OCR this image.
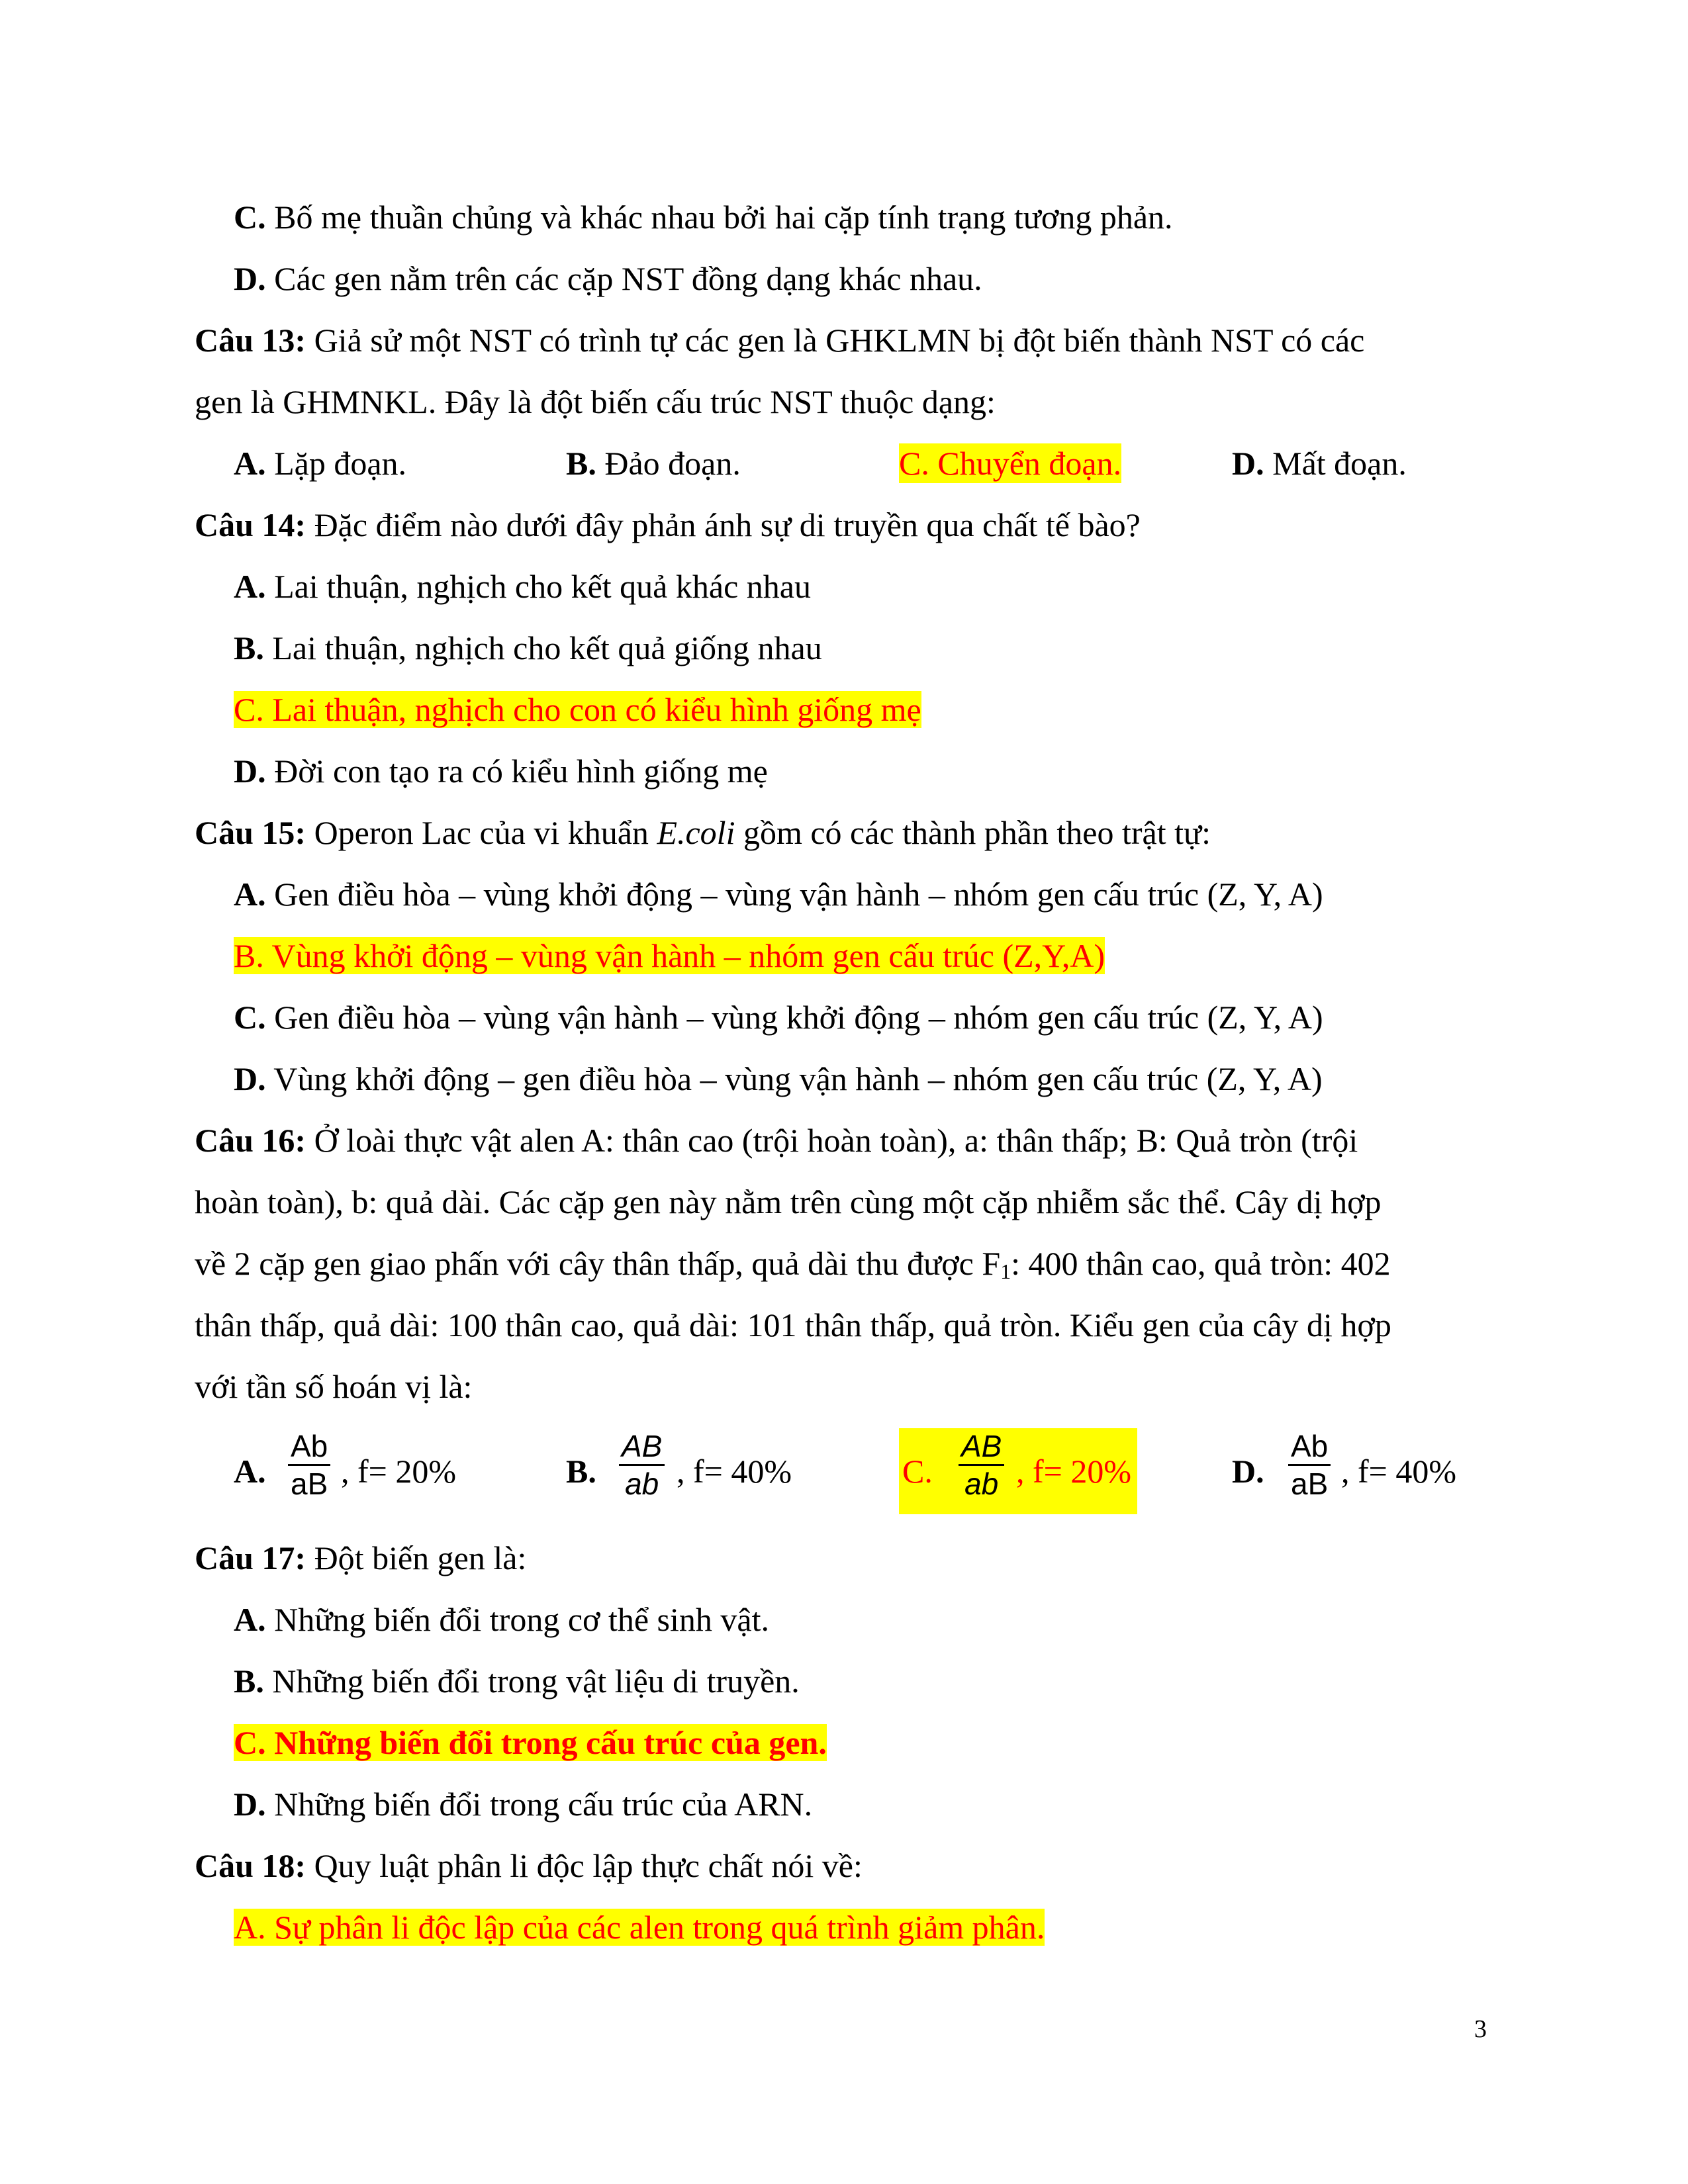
C. Bố mẹ thuần chủng và khác nhau bởi hai cặp tính trạng tương phản.
D. Các gen nằm trên các cặp NST đồng dạng khác nhau.
Câu 13: Giả sử một NST có trình tự các gen là GHKLMN bị đột biến thành NST có các
gen là GHMNKL. Đây là đột biến cấu trúc NST thuộc dạng:
A. Lặp đoạn.	B. Đảo đoạn.	C. Chuyển đoạn.	D. Mất đoạn.
Câu 14: Đặc điểm nào dưới đây phản ánh sự di truyền qua chất tế bào?
A. Lai thuận, nghịch cho kết quả khác nhau
B. Lai thuận, nghịch cho kết quả giống nhau
C. Lai thuận, nghịch cho con có kiểu hình giống mẹ
D. Đời con tạo ra có kiểu hình giống mẹ
Câu 15: Operon Lac của vi khuẩn E.coli gồm có các thành phần theo trật tự:
A. Gen điều hòa – vùng khởi động – vùng vận hành – nhóm gen cấu trúc (Z, Y, A)
B. Vùng khởi động – vùng vận hành – nhóm gen cấu trúc (Z,Y,A)
C. Gen điều hòa – vùng vận hành – vùng khởi động – nhóm gen cấu trúc (Z, Y, A)
D. Vùng khởi động – gen điều hòa – vùng vận hành – nhóm gen cấu trúc (Z, Y, A)
Câu 16: Ở loài thực vật alen A: thân cao (trội hoàn toàn), a: thân thấp; B: Quả tròn (trội
hoàn toàn), b: quả dài. Các cặp gen này nằm trên cùng một cặp nhiễm sắc thể. Cây dị hợp
về 2 cặp gen giao phấn với cây thân thấp, quả dài thu được $F_1$: 400 thân cao, quả tròn: 402
thân thấp, quả dài: 100 thân cao, quả dài: 101 thân thấp, quả tròn. Kiểu gen của cây dị hợp
với tần số hoán vị là:
A. $\frac{Ab}{aB}$ , f= 20%	B. $\frac{AB}{ab}$ , f= 40%	C. $\frac{AB}{ab}$ , f= 20%	D. $\frac{Ab}{aB}$ , f= 40%
Câu 17: Đột biến gen là:
A. Những biến đổi trong cơ thể sinh vật.
B. Những biến đổi trong vật liệu di truyền.
C. Những biến đổi trong cấu trúc của gen.
D. Những biến đổi trong cấu trúc của ARN.
Câu 18: Quy luật phân li độc lập thực chất nói về:
A. Sự phân li độc lập của các alen trong quá trình giảm phân.
3
